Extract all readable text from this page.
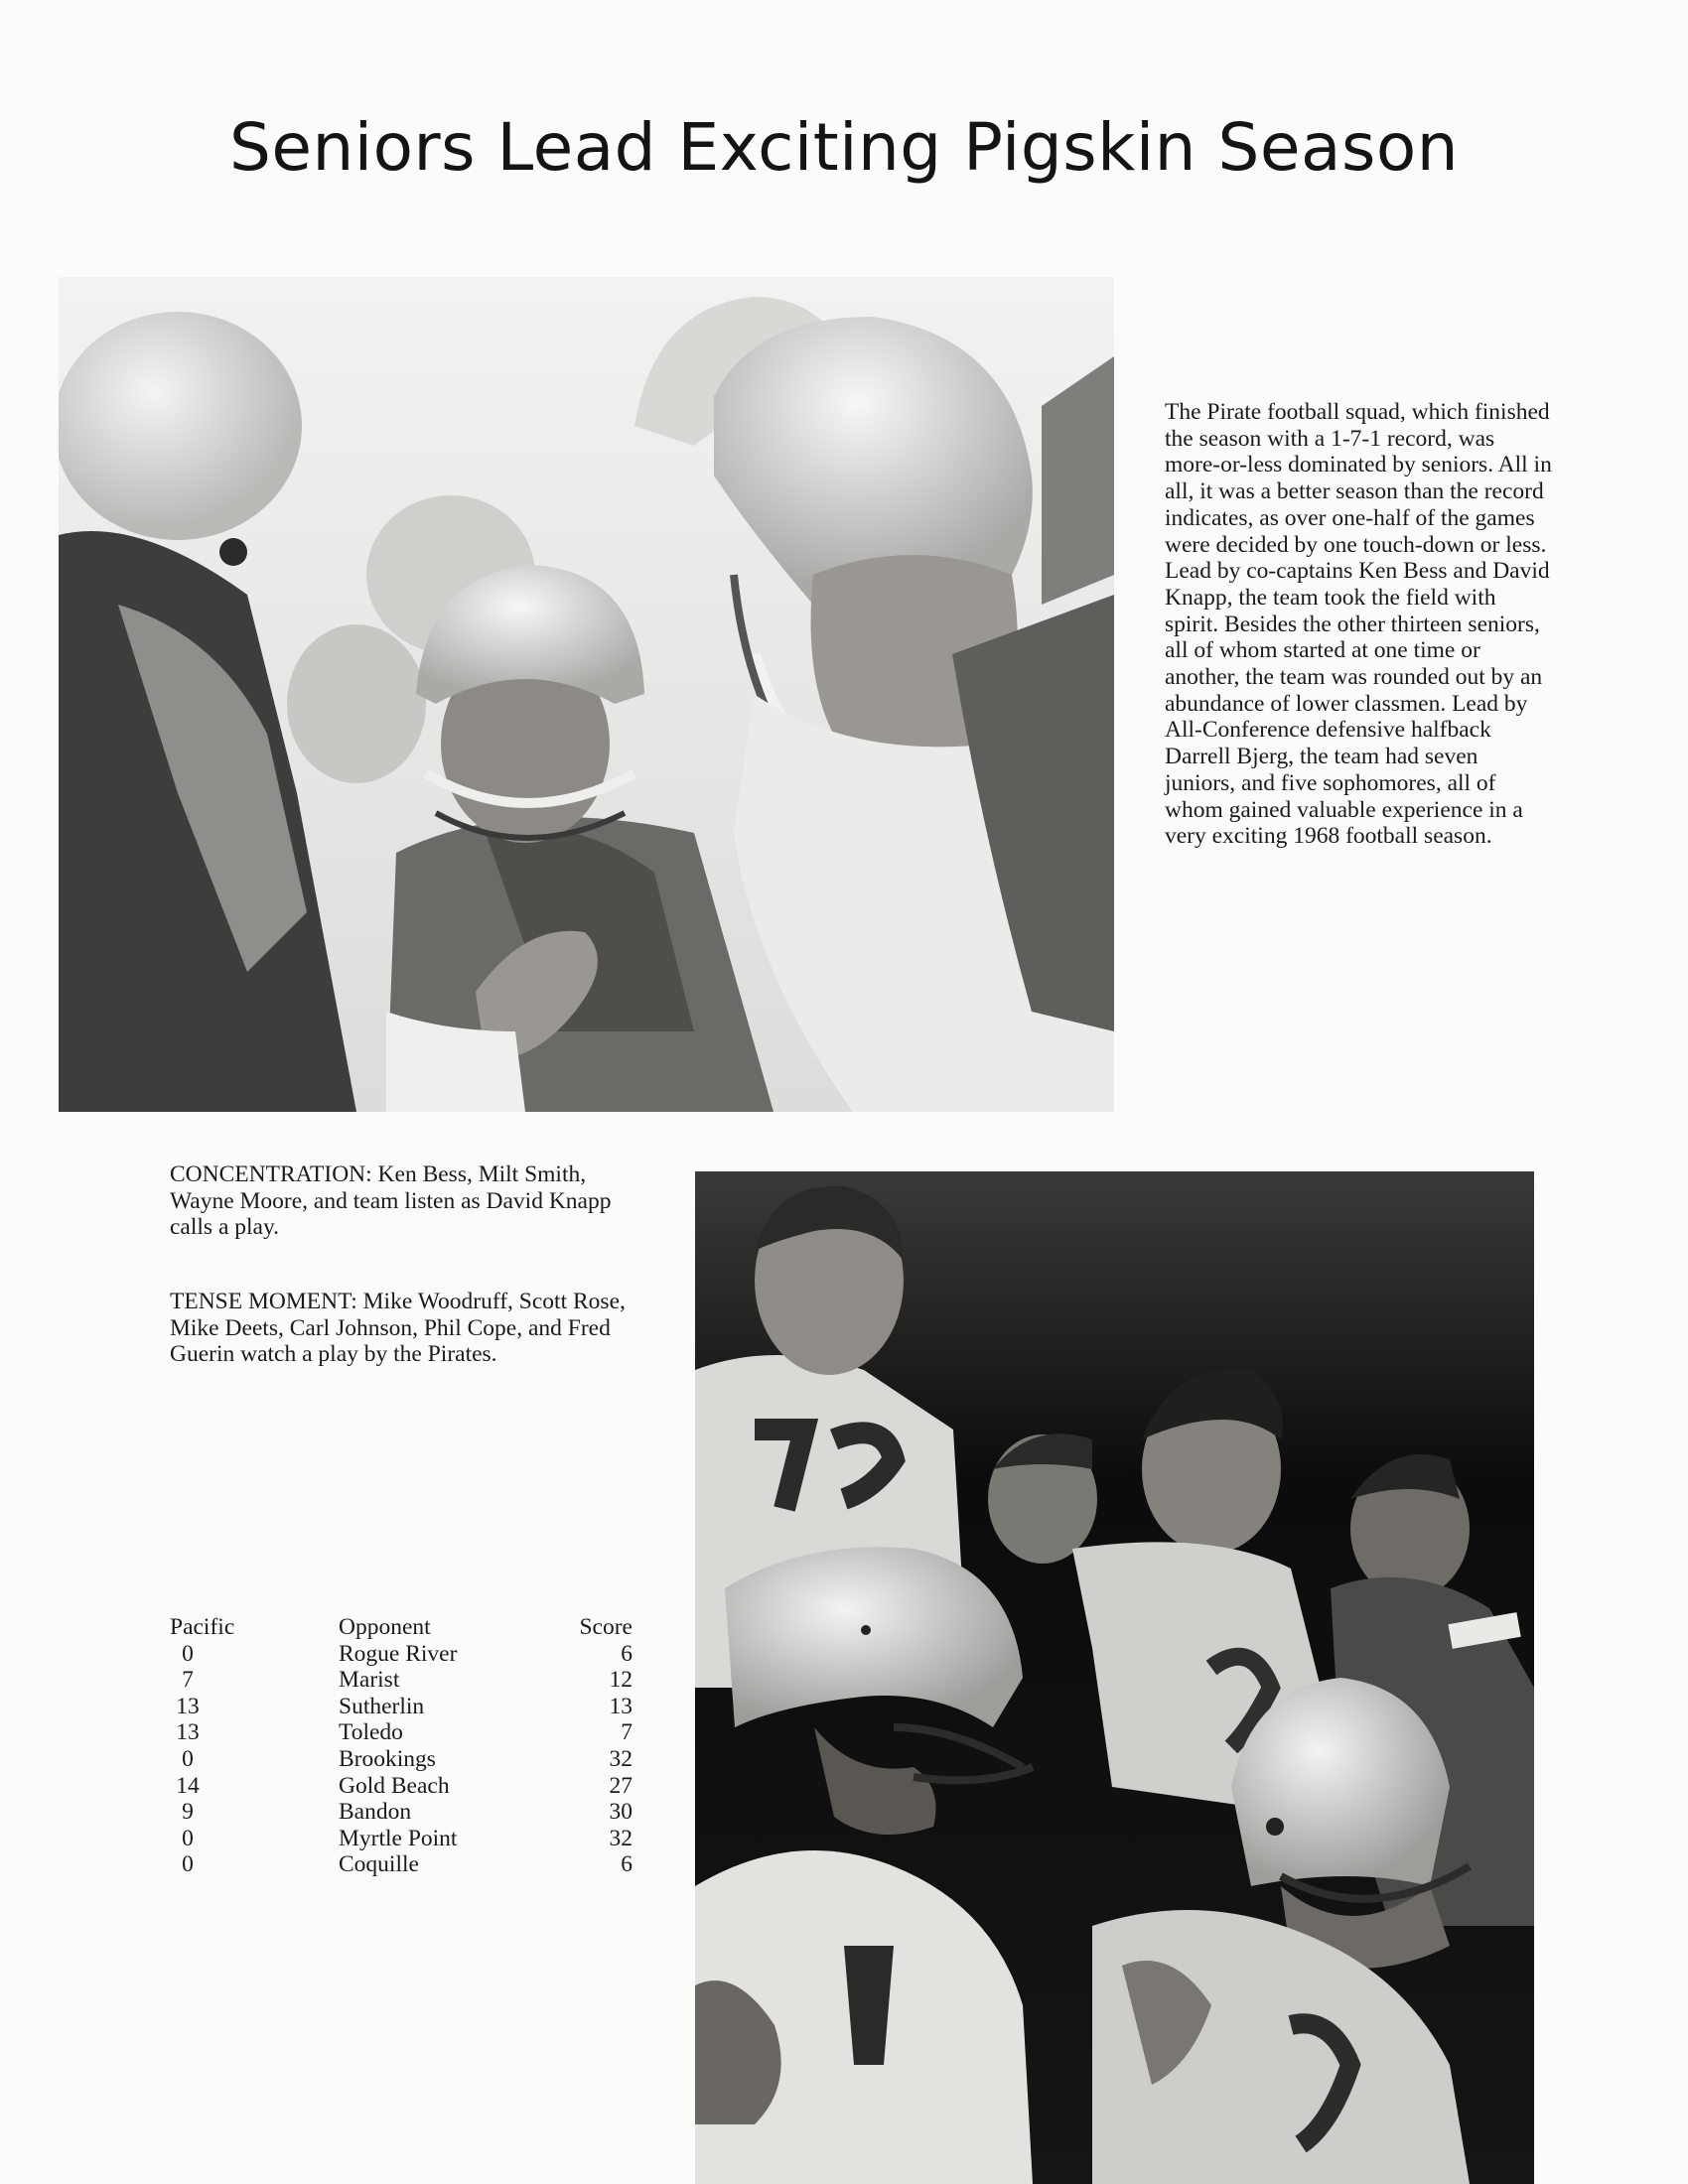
Seniors Lead Exciting Pigskin Season

The Pirate football squad, which finished the season with a 1-7-1 record, was more-or-less dominated by seniors. All in all, it was a better season than the record indicates, as over one-half of the games were decided by one touch-down or less. Lead by co-captains Ken Bess and David Knapp, the team took the field with spirit. Besides the other thirteen seniors, all of whom started at one time or another, the team was rounded out by an abundance of lower classmen. Lead by All-Conference defensive halfback Darrell Bjerg, the team had seven juniors, and five sophomores, all of whom gained valuable experience in a very exciting 1968 football season.

CONCENTRATION: Ken Bess, Milt Smith, Wayne Moore, and team listen as David Knapp calls a play.

TENSE MOMENT: Mike Woodruff, Scott Rose, Mike Deets, Carl Johnson, Phil Cope, and Fred Guerin watch a play by the Pirates.

Pacific	Opponent	Score
0	Rogue River	6
7	Marist	12
13	Sutherlin	13
13	Toledo	7
0	Brookings	32
14	Gold Beach	27
9	Bandon	30
0	Myrtle Point	32
0	Coquille	6
